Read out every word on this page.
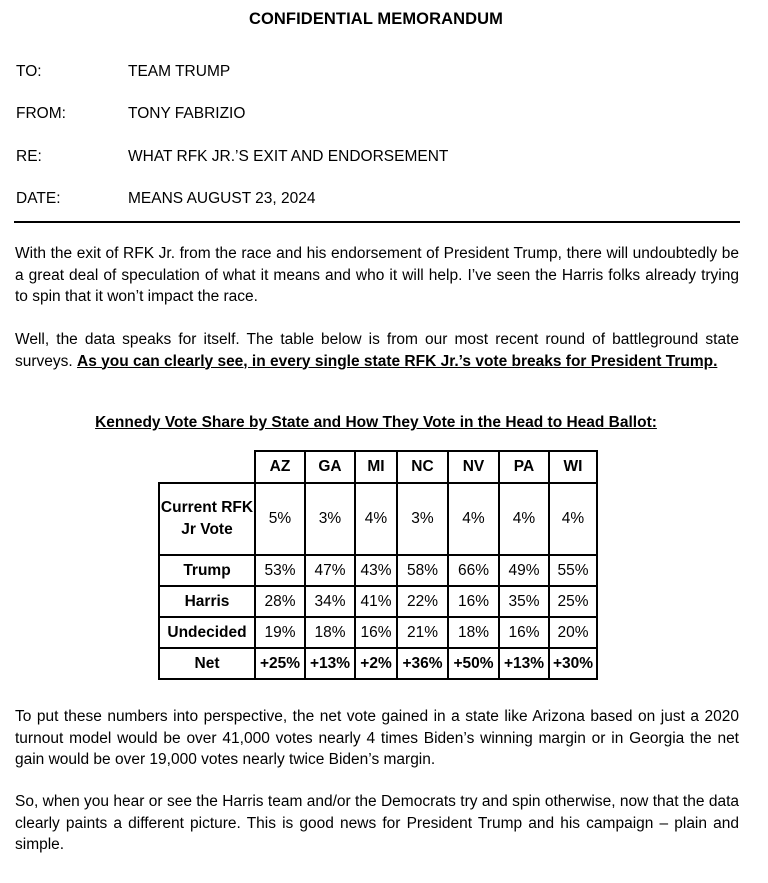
CONFIDENTIAL MEMORANDUM
TO:	TEAM TRUMP
FROM:	TONY FABRIZIO
RE:	WHAT RFK JR.’S EXIT AND ENDORSEMENT
DATE:	MEANS AUGUST 23, 2024

With the exit of RFK Jr. from the race and his endorsement of President Trump, there will undoubtedly be a great deal of speculation of what it means and who it will help. I’ve seen the Harris folks already trying to spin that it won’t impact the race.

Well, the data speaks for itself. The table below is from our most recent round of battleground state surveys. As you can clearly see, in every single state RFK Jr.’s vote breaks for President Trump.

Kennedy Vote Share by State and How They Vote in the Head to Head Ballot:
	AZ	GA	MI	NC	NV	PA	WI
Current RFK Jr Vote	5%	3%	4%	3%	4%	4%	4%
Trump	53%	47%	43%	58%	66%	49%	55%
Harris	28%	34%	41%	22%	16%	35%	25%
Undecided	19%	18%	16%	21%	18%	16%	20%
Net	+25%	+13%	+2%	+36%	+50%	+13%	+30%

To put these numbers into perspective, the net vote gained in a state like Arizona based on just a 2020 turnout model would be over 41,000 votes nearly 4 times Biden’s winning margin or in Georgia the net gain would be over 19,000 votes nearly twice Biden’s margin.

So, when you hear or see the Harris team and/or the Democrats try and spin otherwise, now that the data clearly paints a different picture. This is good news for President Trump and his campaign – plain and simple.
